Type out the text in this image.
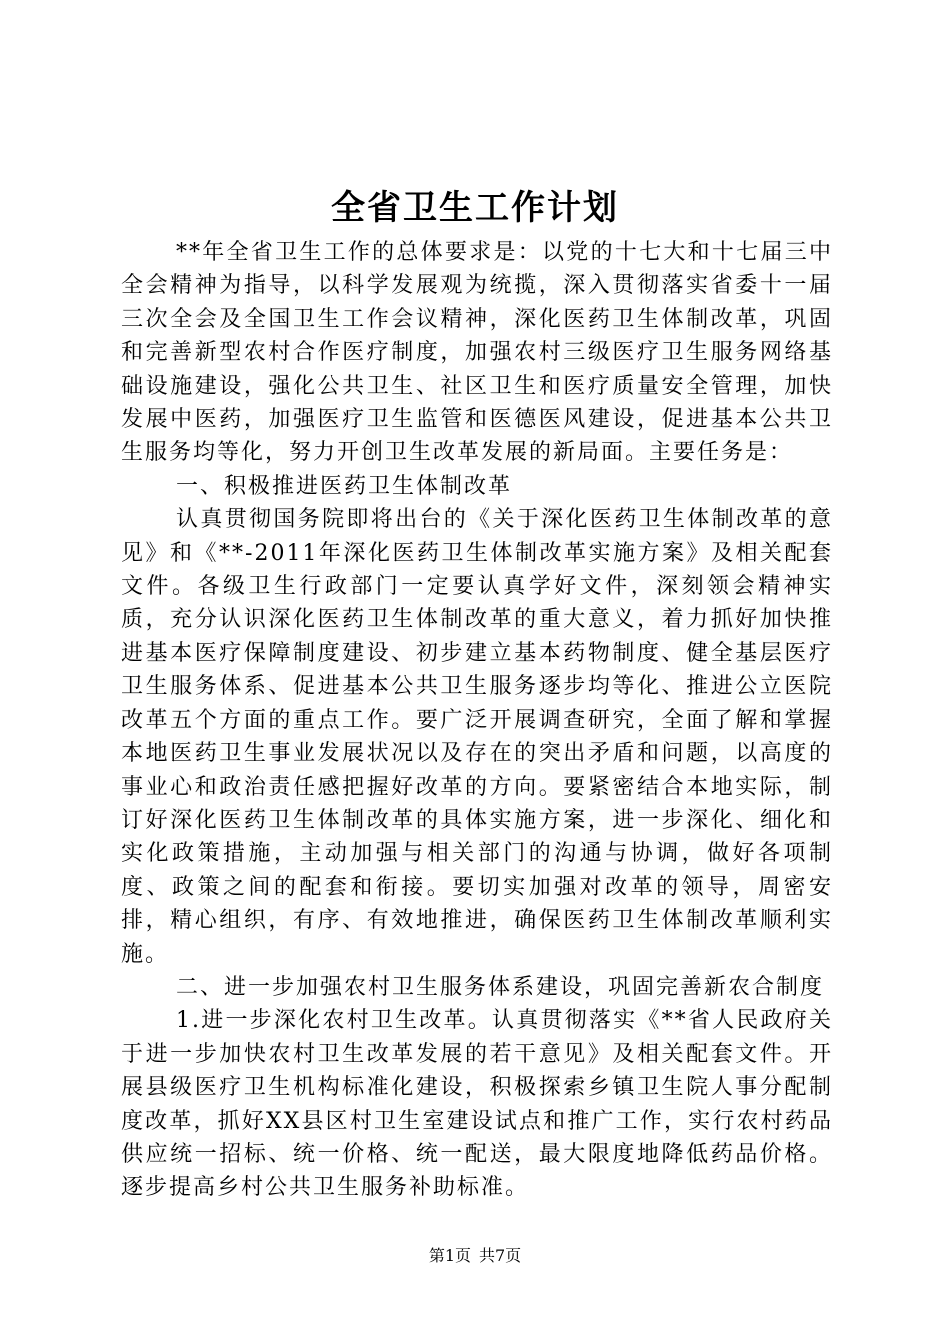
全省卫生工作计划

**年全省卫生工作的总体要求是：以党的十七大和十七届三中全会精神为指导，以科学发展观为统揽，深入贯彻落实省委十一届三次全会及全国卫生工作会议精神，深化医药卫生体制改革，巩固和完善新型农村合作医疗制度，加强农村三级医疗卫生服务网络基础设施建设，强化公共卫生、社区卫生和医疗质量安全管理，加快发展中医药，加强医疗卫生监管和医德医风建设，促进基本公共卫生服务均等化，努力开创卫生改革发展的新局面。主要任务是：

一、积极推进医药卫生体制改革

认真贯彻国务院即将出台的《关于深化医药卫生体制改革的意见》和《**-2011年深化医药卫生体制改革实施方案》及相关配套文件。各级卫生行政部门一定要认真学好文件，深刻领会精神实质，充分认识深化医药卫生体制改革的重大意义，着力抓好加快推进基本医疗保障制度建设、初步建立基本药物制度、健全基层医疗卫生服务体系、促进基本公共卫生服务逐步均等化、推进公立医院改革五个方面的重点工作。要广泛开展调查研究，全面了解和掌握本地医药卫生事业发展状况以及存在的突出矛盾和问题，以高度的事业心和政治责任感把握好改革的方向。要紧密结合本地实际，制订好深化医药卫生体制改革的具体实施方案，进一步深化、细化和实化政策措施，主动加强与相关部门的沟通与协调，做好各项制度、政策之间的配套和衔接。要切实加强对改革的领导，周密安排，精心组织，有序、有效地推进，确保医药卫生体制改革顺利实施。

二、进一步加强农村卫生服务体系建设，巩固完善新农合制度

1.进一步深化农村卫生改革。认真贯彻落实《**省人民政府关于进一步加快农村卫生改革发展的若干意见》及相关配套文件。开展县级医疗卫生机构标准化建设，积极探索乡镇卫生院人事分配制度改革，抓好XX县区村卫生室建设试点和推广工作，实行农村药品供应统一招标、统一价格、统一配送，最大限度地降低药品价格。逐步提高乡村公共卫生服务补助标准。

第1页 共7页
